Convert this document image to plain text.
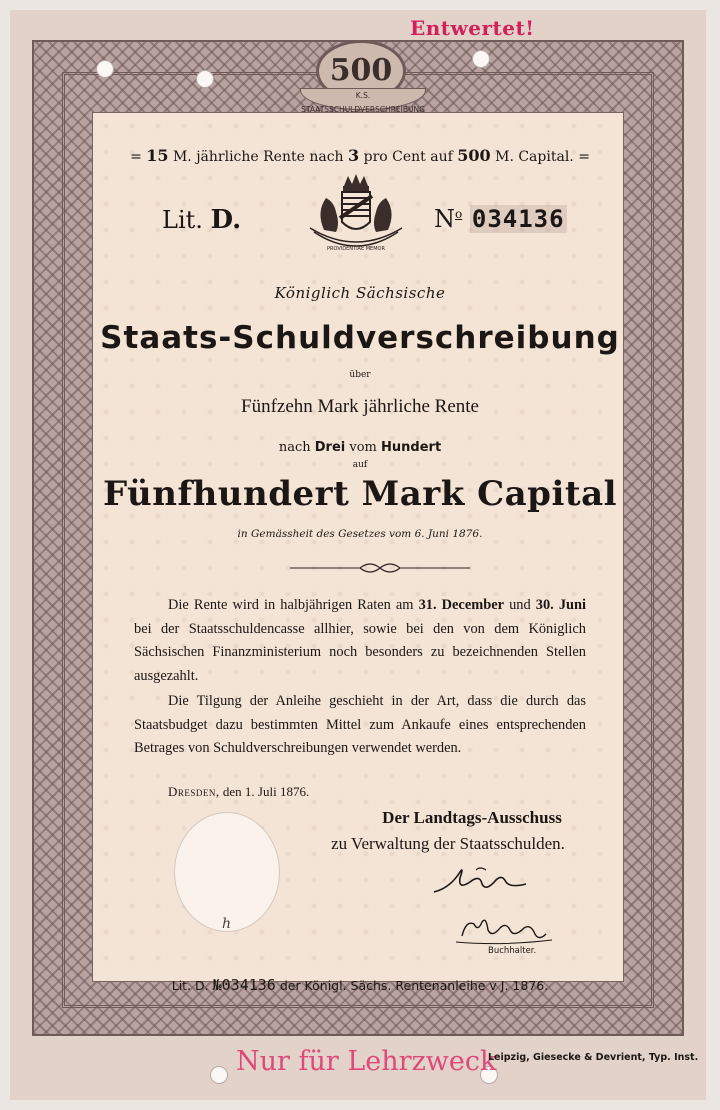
Entwertet!
500
K.S. STAATSSCHULDVERSCHREIBUNG
= 15 M. jährliche Rente nach 3 pro Cent auf 500 M. Capital. =
Lit. D.	$N^o$ 034136
PROVIDENTIAE MEMOR
Königlich Sächsische
Staats-Schuldverschreibung
über
Fünfzehn Mark jährliche Rente
nach Drei vom Hundert
auf
Fünfhundert Mark Capital
in Gemässheit des Gesetzes vom 6. Juni 1876.
Die Rente wird in halbjährigen Raten am 31. December und 30. Juni bei der Staatsschuldencasse allhier, sowie bei den von dem Königlich Sächsischen Finanzministerium noch besonders zu bezeichnenden Stellen ausgezahlt.
Die Tilgung der Anleihe geschieht in der Art, dass die durch das Staatsbudget dazu bestimmten Mittel zum Ankaufe eines entsprechenden Betrages von Schuldverschreibungen verwendet werden.
Dresden, den 1. Juli 1876.
Der Landtags-Ausschuss
zu Verwaltung der Staatsschulden.
Buchhalter.
h
Lit. D. №034136 der Königl. Sächs. Rentenanleihe v J. 1876.
Nur für Lehrzweck
Leipzig, Giesecke & Devrient, Typ. Inst.
